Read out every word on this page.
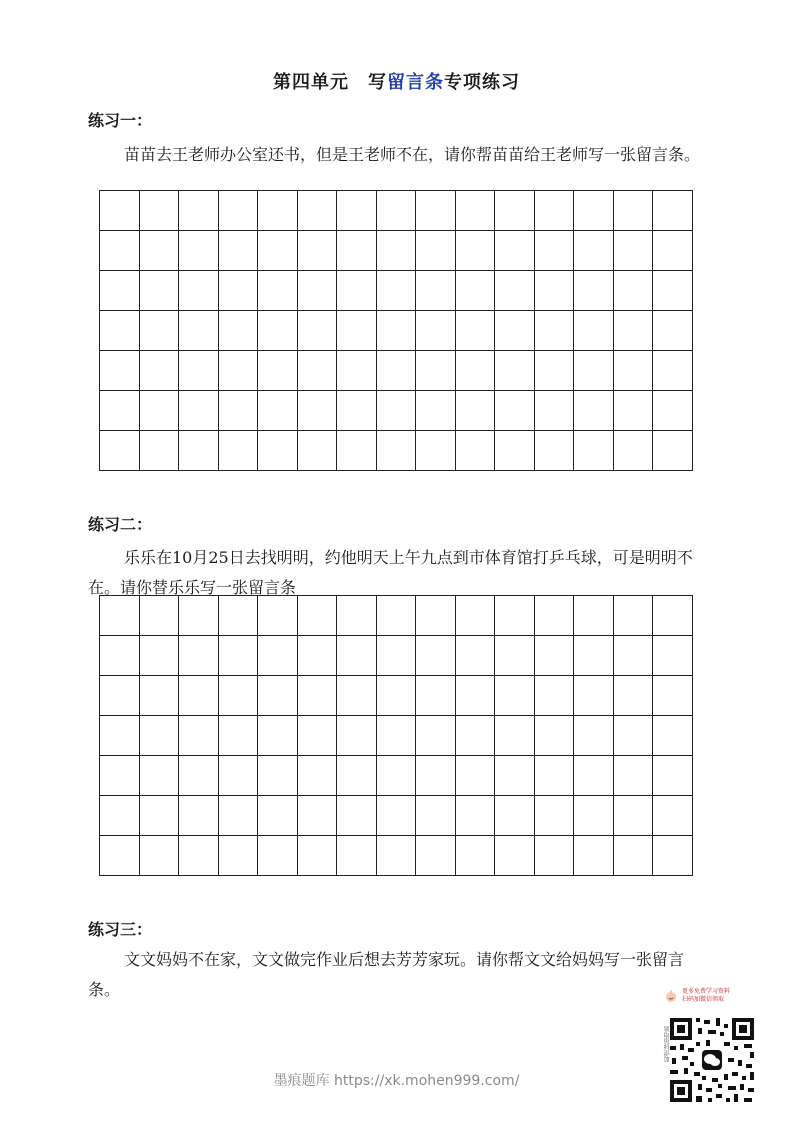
第四单元　写留言条专项练习
练习一：
苗苗去王老师办公室还书，但是王老师不在，请你帮苗苗给王老师写一张留言条。
练习二：
乐乐在10月25日去找明明，约他明天上午九点到市体育馆打乒乓球，可是明明不在。请你替乐乐写一张留言条
练习三：
文文妈妈不在家，文文做完作业后想去芳芳家玩。请你帮文文给妈妈写一张留言条。
墨痕题库 https://xk.mohen999.com/
更多免费学习资料
扫码加微信领取
领取资料添加
